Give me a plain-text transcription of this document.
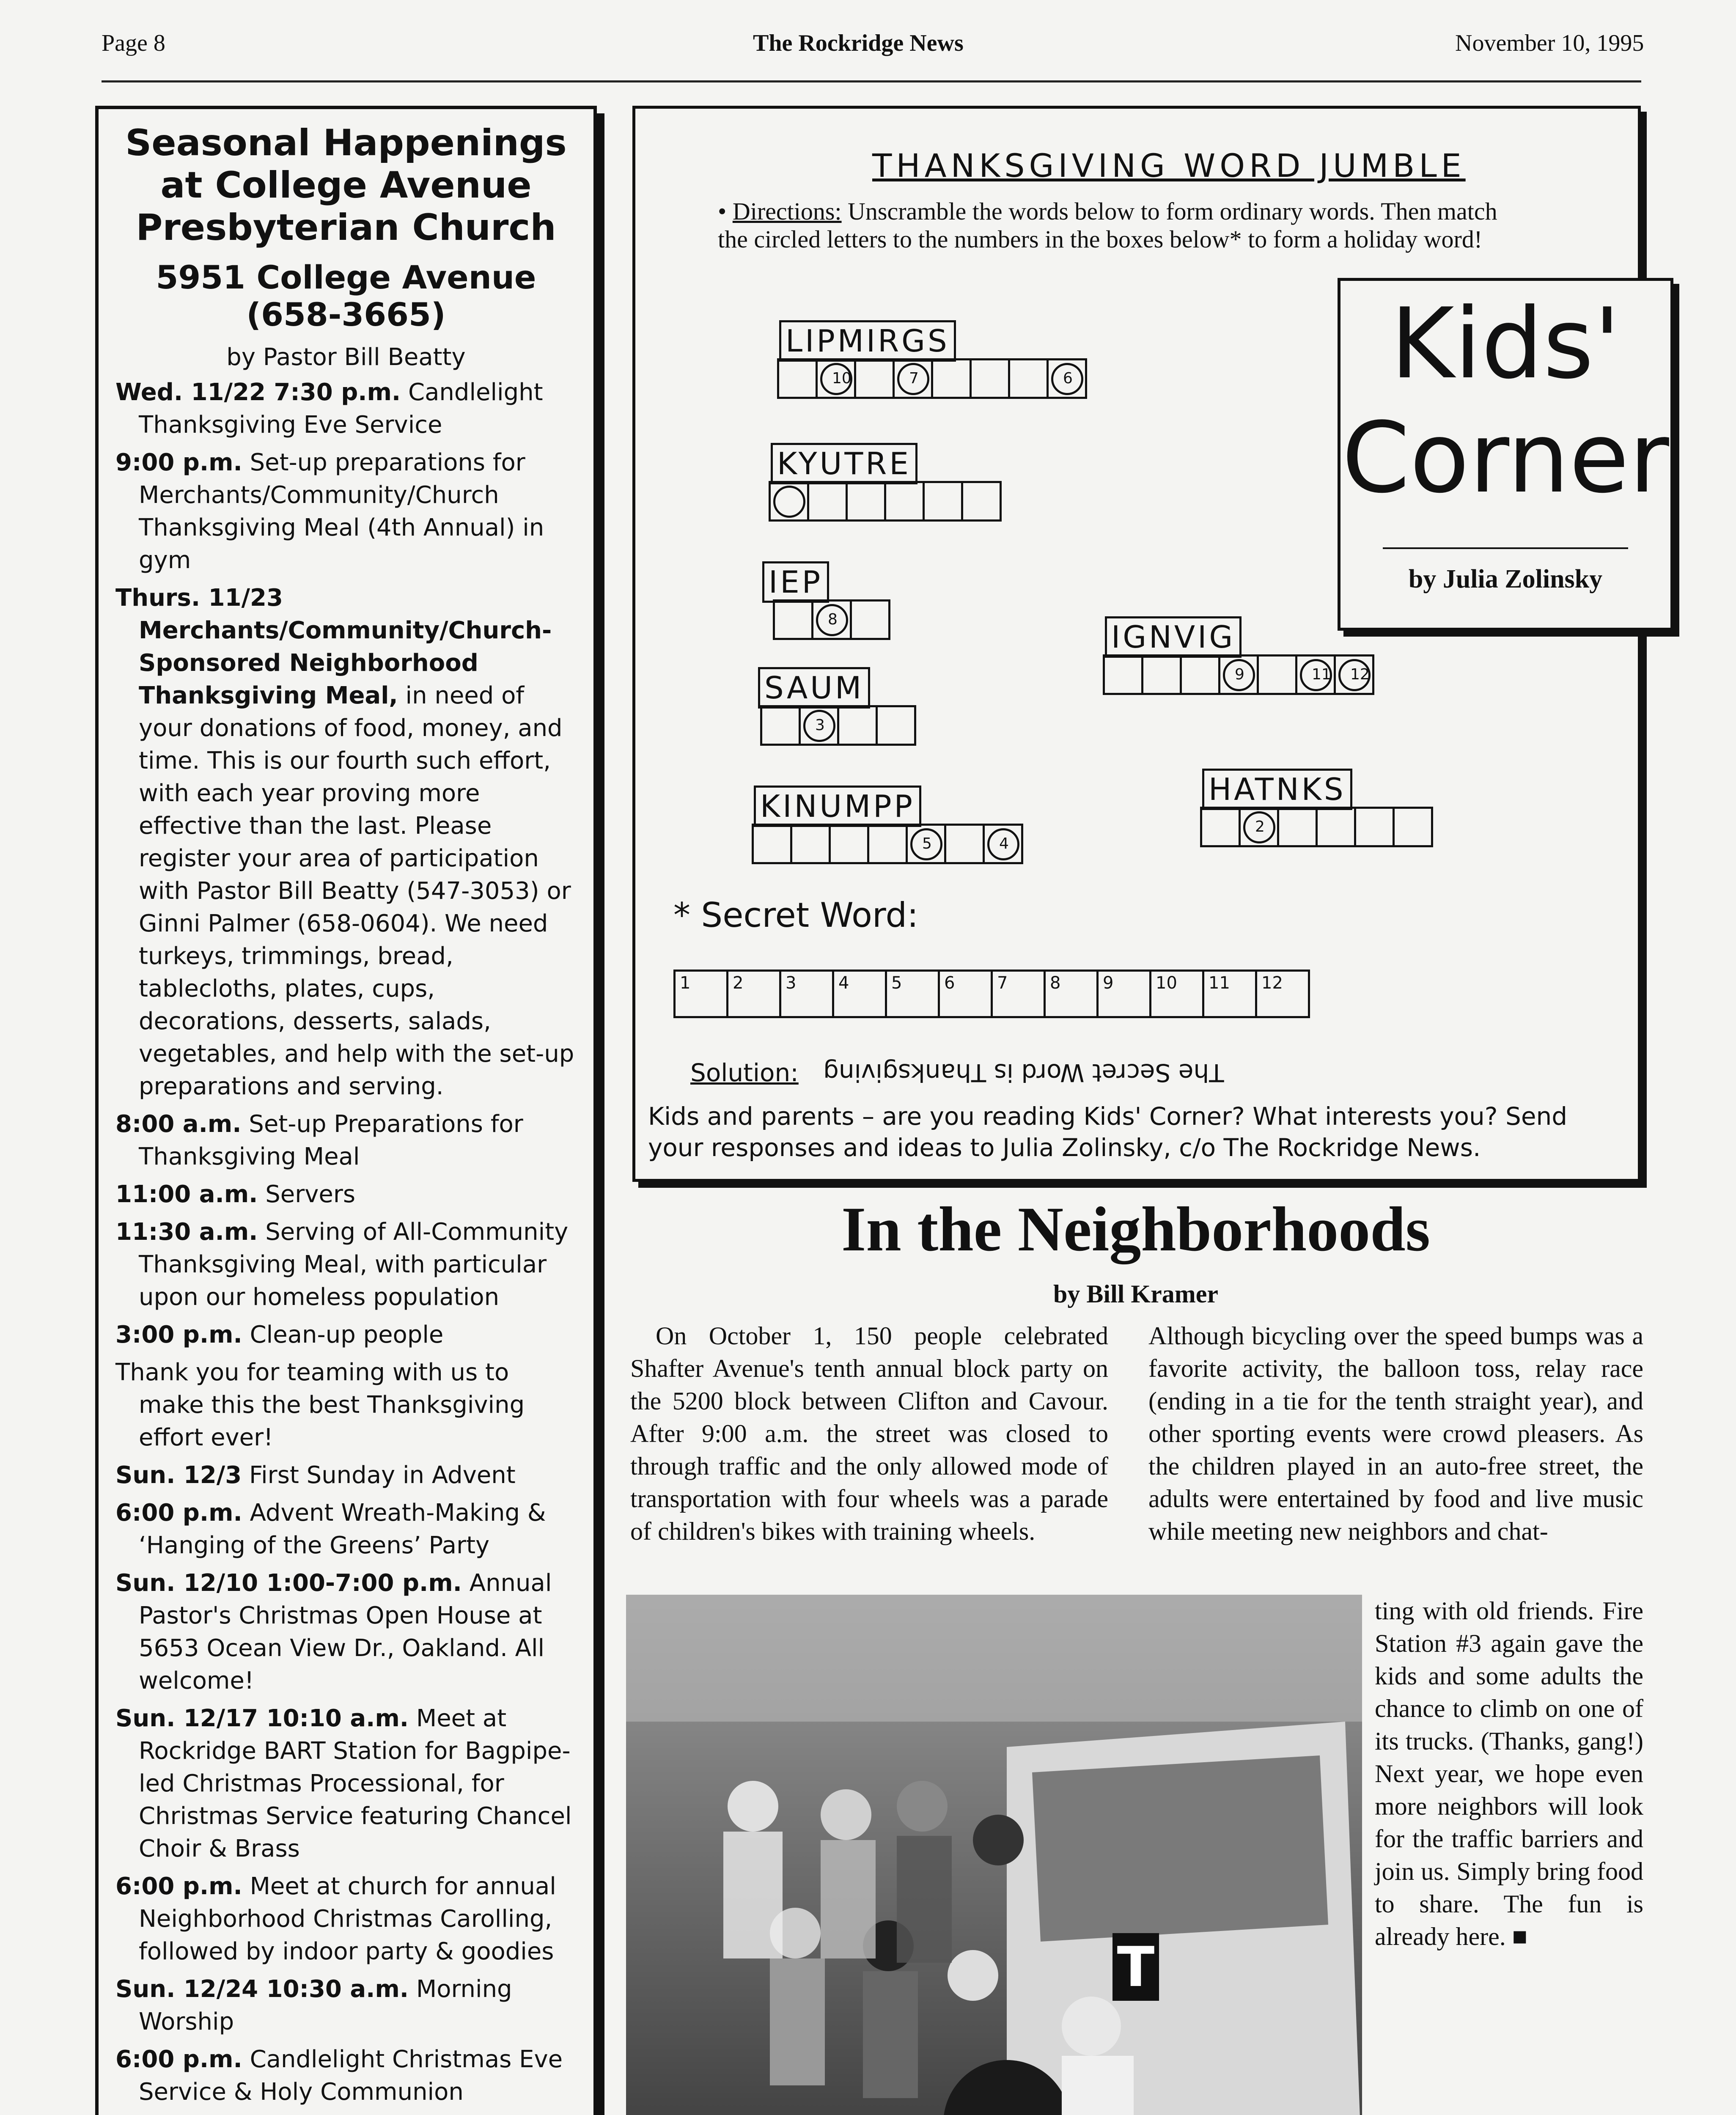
Page 8	The Rockridge News	November 10, 1995
Seasonal Happenings at College Avenue Presbyterian Church
5951 College Avenue
(658-3665)
by Pastor Bill Beatty
Wed. 11/22 7:30 p.m. Candlelight Thanksgiving Eve Service
9:00 p.m. Set-up preparations for Merchants/Community/Church Thanksgiving Meal (4th Annual) in gym
Thurs. 11/23 Merchants/Community/Church-Sponsored Neighborhood Thanksgiving Meal, in need of your donations of food, money, and time. This is our fourth such effort, with each year proving more effective than the last. Please register your area of participation with Pastor Bill Beatty (547-3053) or Ginni Palmer (658-0604). We need turkeys, trimmings, bread, tablecloths, plates, cups, decorations, desserts, salads, vegetables, and help with the set-up preparations and serving.
8:00 a.m. Set-up Preparations for Thanksgiving Meal
11:00 a.m. Servers
11:30 a.m. Serving of All-Community Thanksgiving Meal, with particular upon our homeless population
3:00 p.m. Clean-up people
Thank you for teaming with us to make this the best Thanksgiving effort ever!
Sun. 12/3 First Sunday in Advent
6:00 p.m. Advent Wreath-Making & ‘Hanging of the Greens’ Party
Sun. 12/10 1:00-7:00 p.m. Annual Pastor's Christmas Open House at 5653 Ocean View Dr., Oakland. All welcome!
Sun. 12/17 10:10 a.m. Meet at Rockridge BART Station for Bagpipe-led Christmas Processional, for Christmas Service featuring Chancel Choir & Brass
6:00 p.m. Meet at church for annual Neighborhood Christmas Carolling, followed by indoor party & goodies
Sun. 12/24 10:30 a.m. Morning Worship
6:00 p.m. Candlelight Christmas Eve Service & Holy Communion
THANKSGIVING WORD JUMBLE
• Directions: Unscramble the words below to form ordinary words. Then match the circled letters to the numbers in the boxes below* to form a holiday word!
Kids'
Corner
by Julia Zolinsky
LIPMIRGS
10	7	6
KYUTRE
IEP
8
SAUM
3
IGNVIG
9	11 12
KINUMPP
5	4
HATNKS
2
* Secret Word:
1	2	3	4	5	6	7	8	9	10	11	12
Solution: The Secret Word is Thanksgiving
Kids and parents – are you reading Kids' Corner? What interests you? Send your responses and ideas to Julia Zolinsky, c/o The Rockridge News.
In the Neighborhoods
by Bill Kramer
On October 1, 150 people celebrated Shafter Avenue's tenth annual block party on the 5200 block between Clifton and Cavour. After 9:00 a.m. the street was closed to through traffic and the only allowed mode of transportation with four wheels was a parade of children's bikes with training wheels.
Although bicycling over the speed bumps was a favorite activity, the balloon toss, relay race (ending in a tie for the tenth straight year), and other sporting events were crowd pleasers. As the children played in an auto-free street, the adults were entertained by food and live music while meeting new neighbors and chat-
ting with old friends. Fire Station #3 again gave the kids and some adults the chance to climb on one of its trucks. (Thanks, gang!) Next year, we hope even more neighbors will look for the traffic barriers and join us. Simply bring food to share. The fun is already here. ■
T
